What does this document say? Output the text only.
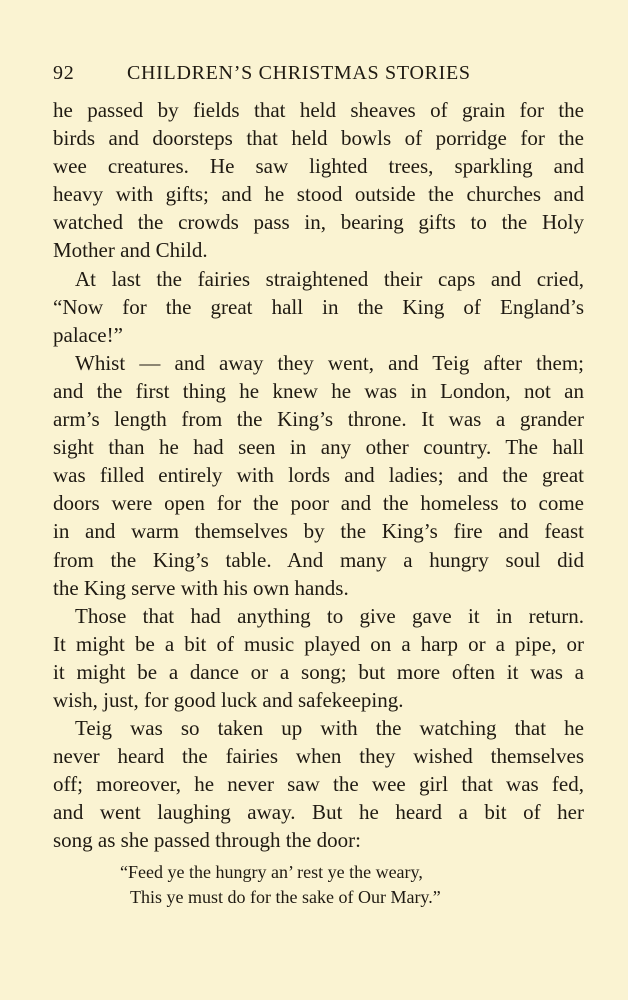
92	CHILDREN’S CHRISTMAS STORIES

he passed by fields that held sheaves of grain for the
birds and doorsteps that held bowls of porridge for the
wee creatures. He saw lighted trees, sparkling and
heavy with gifts; and he stood outside the churches and
watched the crowds pass in, bearing gifts to the Holy
Mother and Child.

At last the fairies straightened their caps and cried,
“Now for the great hall in the King of England’s
palace!”

Whist — and away they went, and Teig after them;
and the first thing he knew he was in London, not an
arm’s length from the King’s throne. It was a grander
sight than he had seen in any other country. The hall
was filled entirely with lords and ladies; and the great
doors were open for the poor and the homeless to come
in and warm themselves by the King’s fire and feast
from the King’s table. And many a hungry soul did
the King serve with his own hands.

Those that had anything to give gave it in return.
It might be a bit of music played on a harp or a pipe, or
it might be a dance or a song; but more often it was a
wish, just, for good luck and safekeeping.

Teig was so taken up with the watching that he
never heard the fairies when they wished themselves
off; moreover, he never saw the wee girl that was fed,
and went laughing away. But he heard a bit of her
song as she passed through the door:

“Feed ye the hungry an’ rest ye the weary,
This ye must do for the sake of Our Mary.”
